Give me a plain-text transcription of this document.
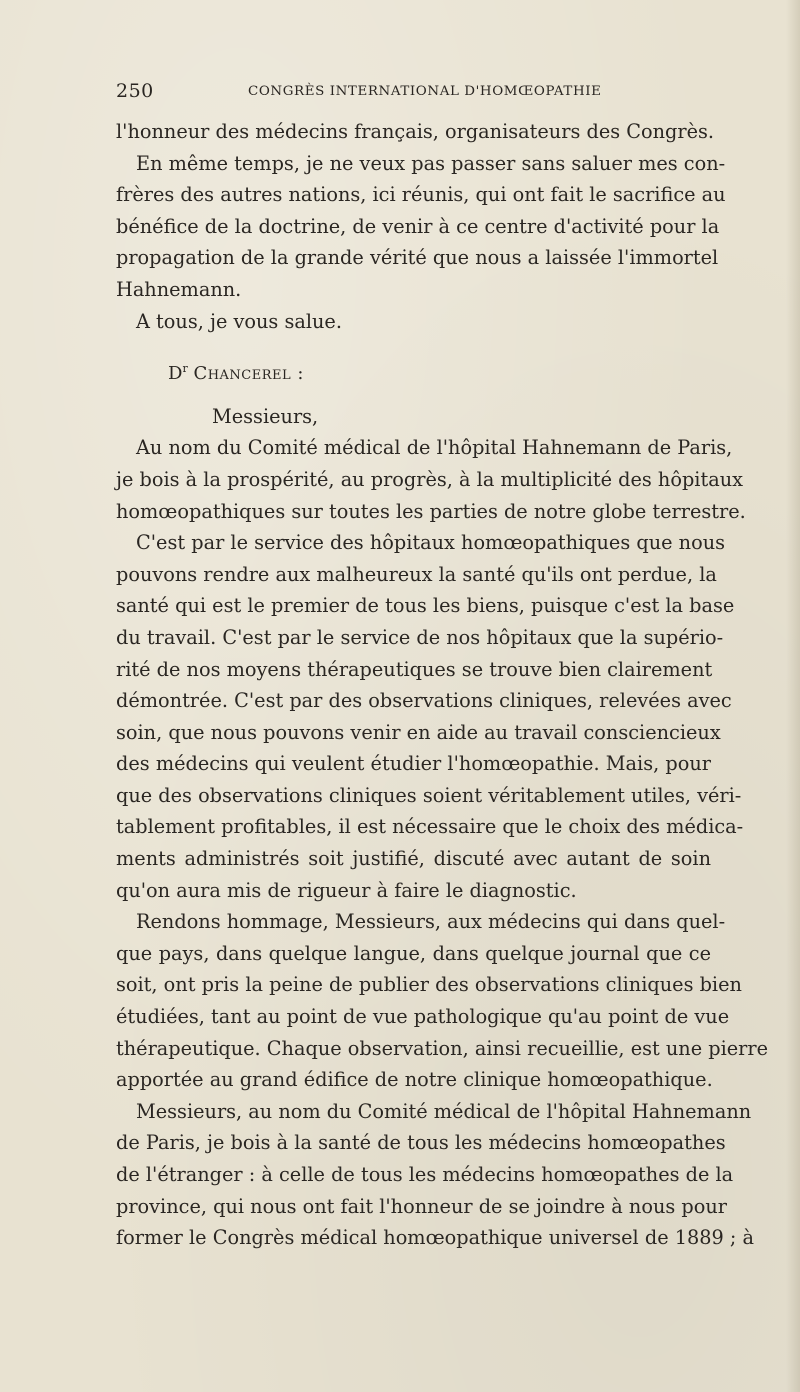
250	CONGRÈS INTERNATIONAL D'HOMŒOPATHIE
l'honneur des médecins français, organisateurs des Congrès.
En même temps, je ne veux pas passer sans saluer mes con-
frères des autres nations, ici réunis, qui ont fait le sacrifice au
bénéfice de la doctrine, de venir à ce centre d'activité pour la
propagation de la grande vérité que nous a laissée l'immortel
Hahnemann.
A tous, je vous salue.
$D^r$ Chancerel :
Messieurs,
Au nom du Comité médical de l'hôpital Hahnemann de Paris,
je bois à la prospérité, au progrès, à la multiplicité des hôpitaux
homœopathiques sur toutes les parties de notre globe terrestre.
C'est par le service des hôpitaux homœopathiques que nous
pouvons rendre aux malheureux la santé qu'ils ont perdue, la
santé qui est le premier de tous les biens, puisque c'est la base
du travail. C'est par le service de nos hôpitaux que la supério-
rité de nos moyens thérapeutiques se trouve bien clairement
démontrée. C'est par des observations cliniques, relevées avec
soin, que nous pouvons venir en aide au travail consciencieux
des médecins qui veulent étudier l'homœopathie. Mais, pour
que des observations cliniques soient véritablement utiles, véri-
tablement profitables, il est nécessaire que le choix des médica-
ments administrés soit justifié, discuté avec autant de soin
qu'on aura mis de rigueur à faire le diagnostic.
Rendons hommage, Messieurs, aux médecins qui dans quel-
que pays, dans quelque langue, dans quelque journal que ce
soit, ont pris la peine de publier des observations cliniques bien
étudiées, tant au point de vue pathologique qu'au point de vue
thérapeutique. Chaque observation, ainsi recueillie, est une pierre
apportée au grand édifice de notre clinique homœopathique.
Messieurs, au nom du Comité médical de l'hôpital Hahnemann
de Paris, je bois à la santé de tous les médecins homœopathes
de l'étranger : à celle de tous les médecins homœopathes de la
province, qui nous ont fait l'honneur de se joindre à nous pour
former le Congrès médical homœopathique universel de 1889 ; à
